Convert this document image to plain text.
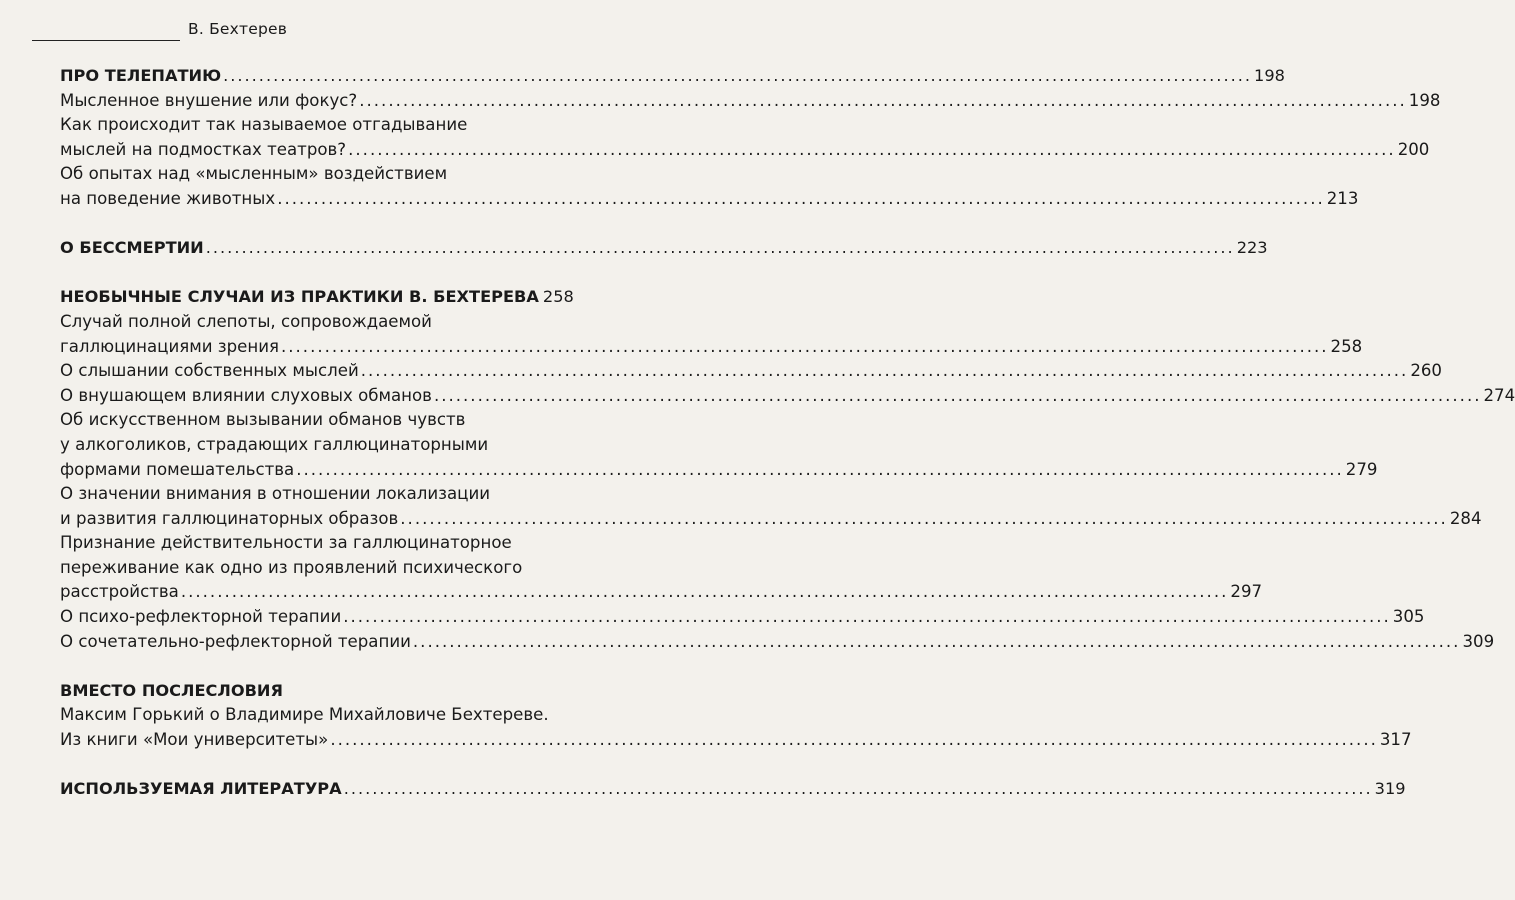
В. Бехтерев
ПРО ТЕЛЕПАТИЮ .....	198
Мысленное внушение или фокус? .....	198
Как происходит так называемое отгадывание
мыслей на подмостках театров? .....	200
Об опытах над «мысленным» воздействием
на поведение животных .....	213
О БЕССМЕРТИИ .....	223
НЕОБЫЧНЫЕ СЛУЧАИ ИЗ ПРАКТИКИ В. БЕХТЕРЕВА 258
Случай полной слепоты, сопровождаемой
галлюцинациями зрения .....	258
О слышании собственных мыслей .....	260
О внушающем влиянии слуховых обманов .....	274
Об искусственном вызывании обманов чувств
у алкоголиков, страдающих галлюцинаторными
формами помешательства .....	279
О значении внимания в отношении локализации
и развития галлюцинаторных образов .....	284
Признание действительности за галлюцинаторное
переживание как одно из проявлений психического
расстройства .....	297
О психо-рефлекторной терапии .....	305
О сочетательно-рефлекторной терапии .....	309
ВМЕСТО ПОСЛЕСЛОВИЯ
Максим Горький о Владимире Михайловиче Бехтереве.
Из книги «Мои университеты» .....	317
ИСПОЛЬЗУЕМАЯ ЛИТЕРАТУРА .....	319
